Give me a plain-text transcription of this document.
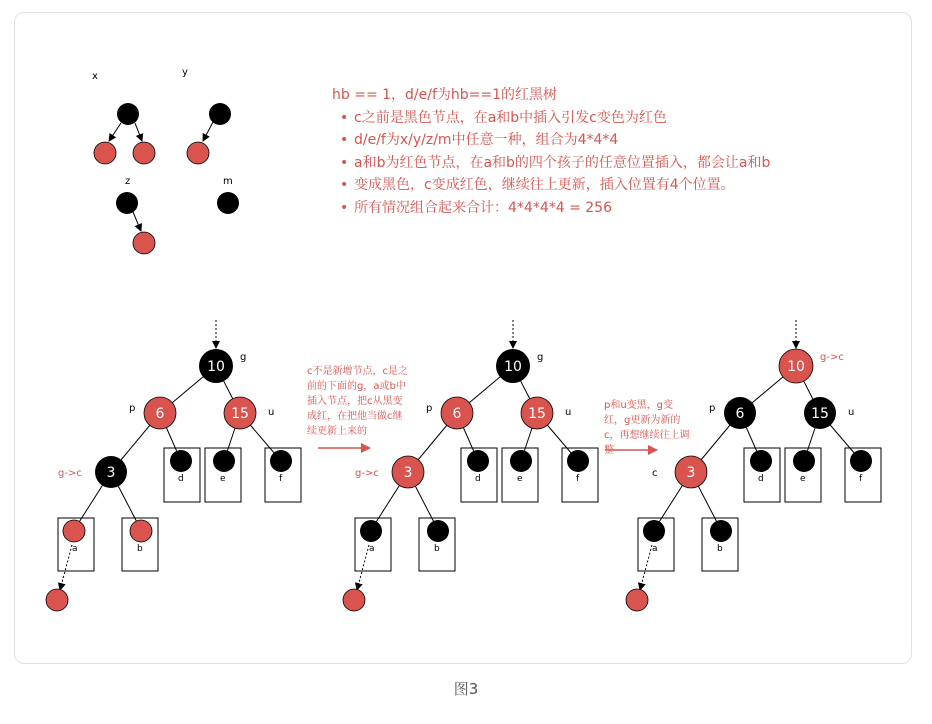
x	y
z	m
d	e	f
a	b
10
6	15
3
g
p	u
g->c	d	e	f
a	b
10
6	15
3
g
p	u
g->c	d	e	f
a	b
10
6	15
3
g->c
p	u
c
hb == 1，d/e/f为hb==1的红黑树
• c之前是黑色节点，在a和b中插入引发c变色为红色
• d/e/f为x/y/z/m中任意一种，组合为4*4*4
• a和b为红色节点，在a和b的四个孩子的任意位置插入，都会让a和b
• 变成黑色，c变成红色，继续往上更新，插入位置有4个位置。
• 所有情况组合起来合计：4*4*4*4 = 256
c不是新增节点，c是之前的下面的g，a或b中插入节点，把c从黑变成红，在把他当做c继续更新上来的
p和u变黑，g变红，g更新为新的c，再想继续往上调整
图3
